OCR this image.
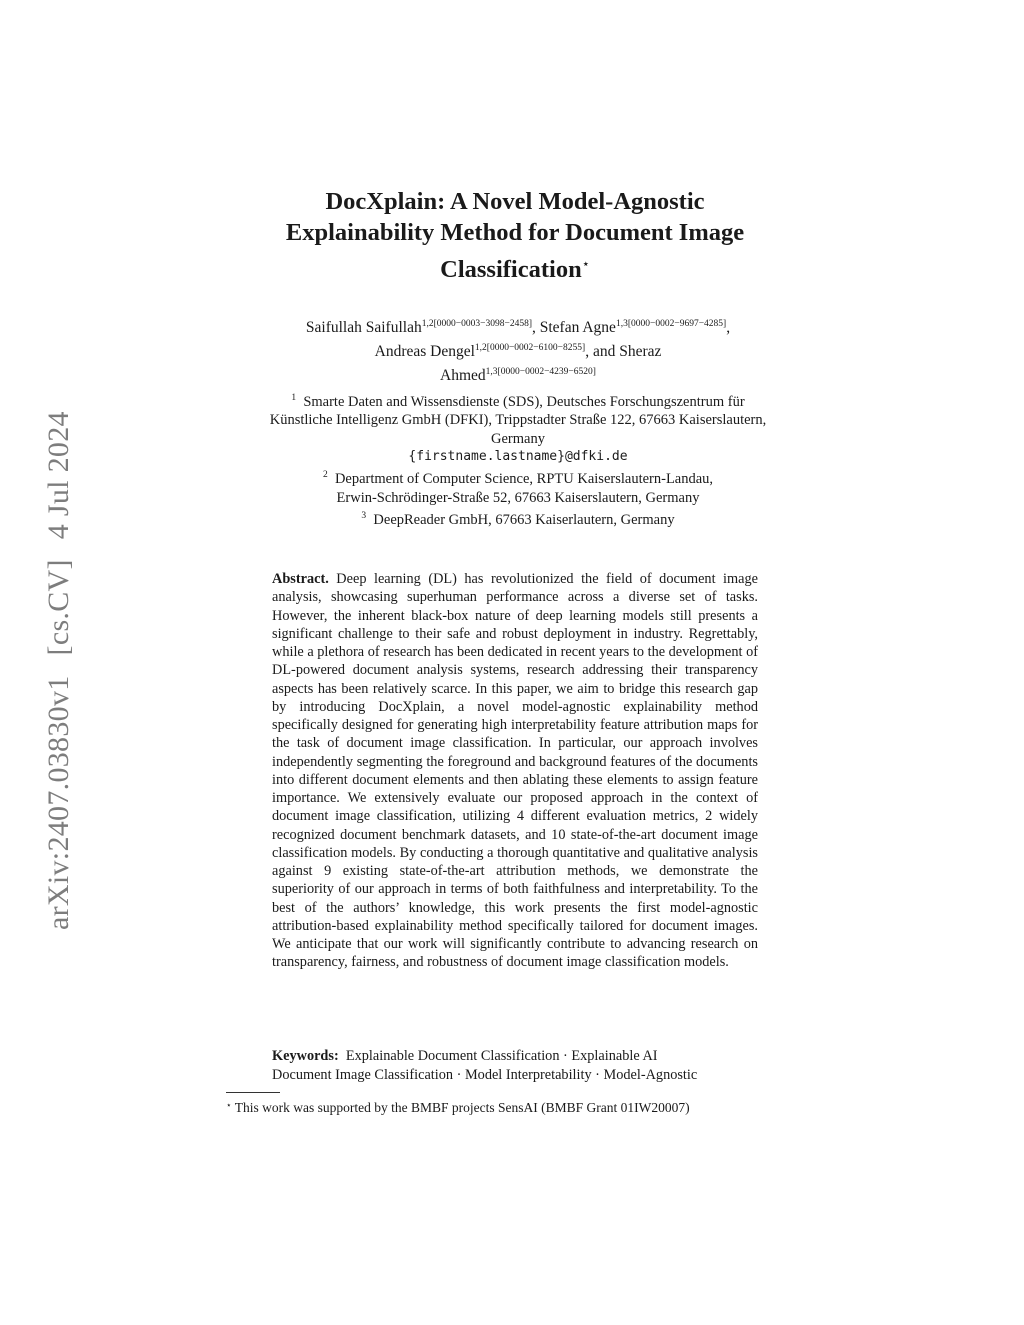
arXiv:2407.03830v1[cs.CV]4 Jul 2024
DocXplain: A Novel Model-Agnostic
Explainability Method for Document Image
Classification⋆
Saifullah Saifullah$^{1,2[0000-0003-3098-2458]}$, Stefan Agne$^{1,3[0000-0002-9697-4285]}$,
Andreas Dengel$^{1,2[0000-0002-6100-8255]}$, and Sheraz
Ahmed$^{1,3[0000-0002-4239-6520]}$
$^1$ Smarte Daten and Wissensdienste (SDS), Deutsches Forschungszentrum für
Künstliche Intelligenz GmbH (DFKI), Trippstadter Straße 122, 67663 Kaiserslautern,
Germany
{firstname.lastname}@dfki.de
$^2$ Department of Computer Science, RPTU Kaiserslautern-Landau,
Erwin-Schrödinger-Straße 52, 67663 Kaiserslautern, Germany
$^3$ DeepReader GmbH, 67663 Kaiserlautern, Germany
Abstract. Deep learning (DL) has revolutionized the field of document image analysis, showcasing superhuman performance across a diverse set of tasks. However, the inherent black-box nature of deep learning models still presents a significant challenge to their safe and robust deployment in industry. Regrettably, while a plethora of research has been dedicated in recent years to the development of DL-powered document analysis systems, research addressing their transparency aspects has been relatively scarce. In this paper, we aim to bridge this research gap by introducing DocXplain, a novel model-agnostic explainability method specifically designed for generating high interpretability feature attribution maps for the task of document image classification. In particular, our approach involves independently segmenting the foreground and background features of the documents into different document elements and then ablating these elements to assign feature importance. We extensively evaluate our proposed approach in the context of document image classification, utilizing 4 different evaluation metrics, 2 widely recognized document benchmark datasets, and 10 state-of-the-art document image classification models. By conducting a thorough quantitative and qualitative analysis against 9 existing state-of-the-art attribution methods, we demonstrate the superiority of our approach in terms of both faithfulness and interpretability. To the best of the authors’ knowledge, this work presents the first model-agnostic attribution-based explainability method specifically tailored for document images. We anticipate that our work will significantly contribute to advancing research on transparency, fairness, and robustness of document image classification models.
Keywords: Explainable Document Classification · Explainable AI
Document Image Classification · Model Interpretability · Model-Agnostic
⋆ This work was supported by the BMBF projects SensAI (BMBF Grant 01IW20007)
